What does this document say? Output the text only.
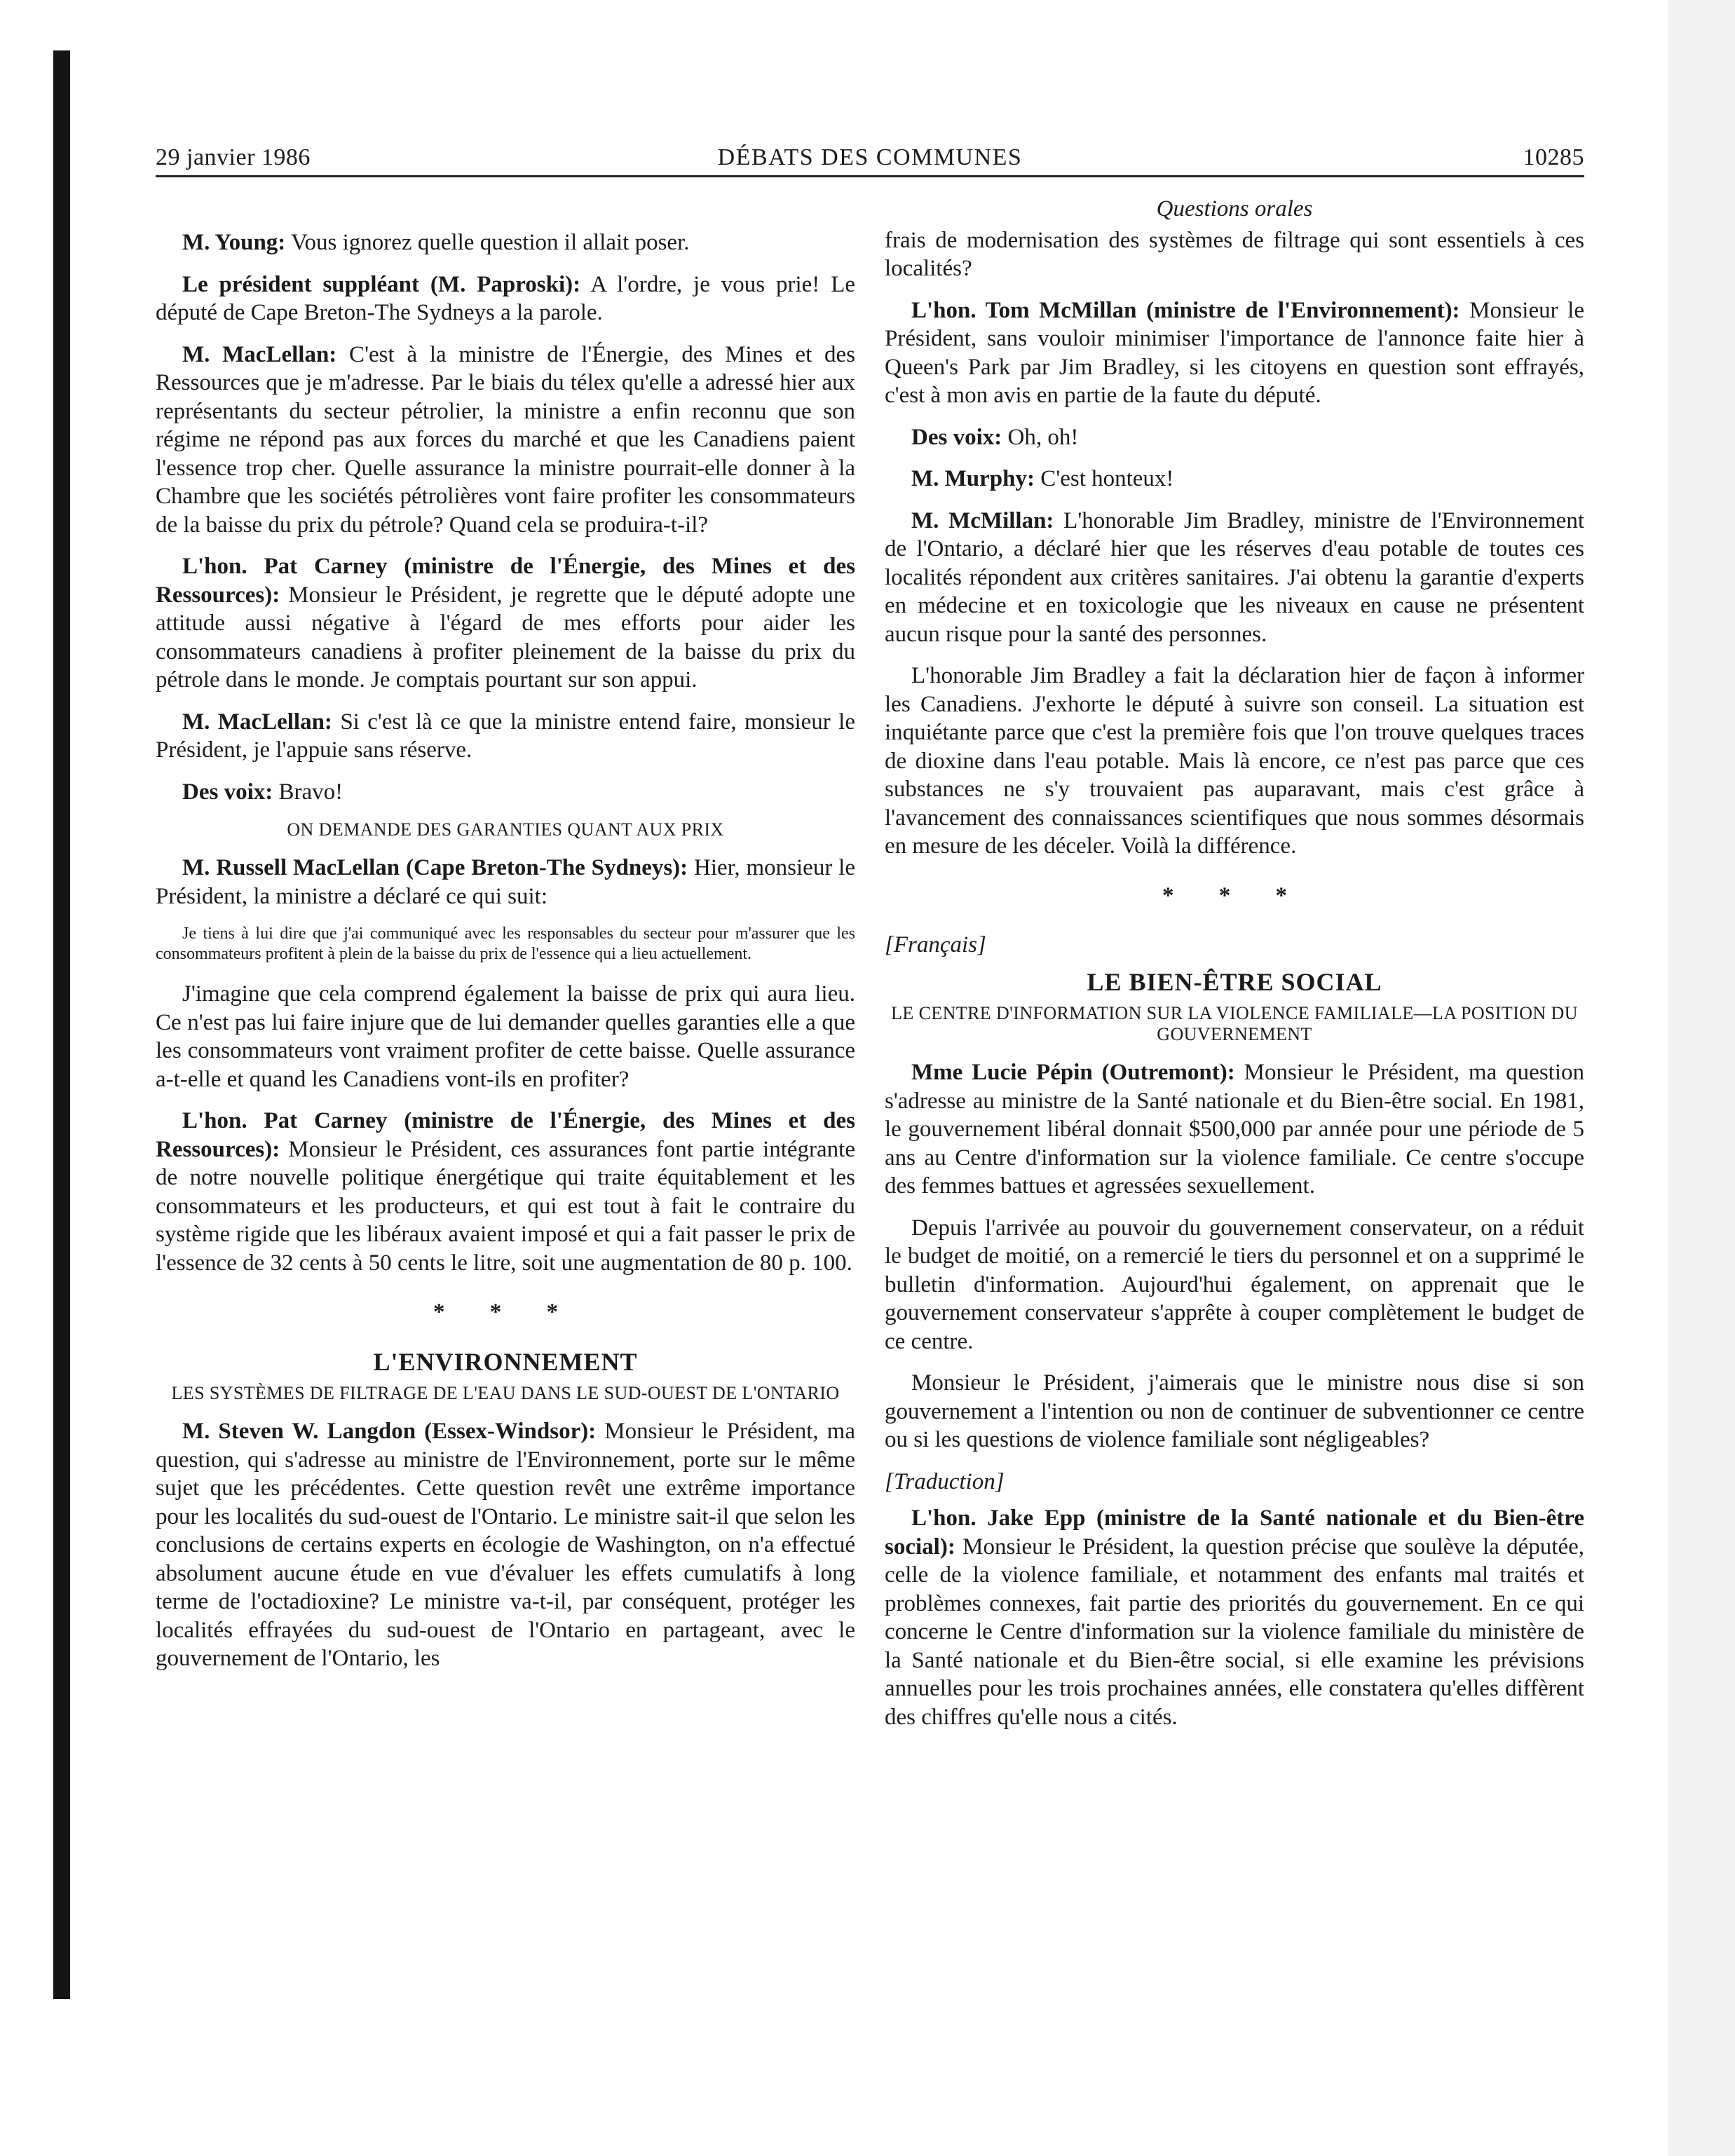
29 janvier 1986	DÉBATS DES COMMUNES	10285

M. Young: Vous ignorez quelle question il allait poser.

Le président suppléant (M. Paproski): A l'ordre, je vous prie! Le député de Cape Breton-The Sydneys a la parole.

M. MacLellan: C'est à la ministre de l'Énergie, des Mines et des Ressources que je m'adresse. Par le biais du télex qu'elle a adressé hier aux représentants du secteur pétrolier, la ministre a enfin reconnu que son régime ne répond pas aux forces du marché et que les Canadiens paient l'essence trop cher. Quelle assurance la ministre pourrait-elle donner à la Chambre que les sociétés pétrolières vont faire profiter les consommateurs de la baisse du prix du pétrole? Quand cela se produira-t-il?

L'hon. Pat Carney (ministre de l'Énergie, des Mines et des Ressources): Monsieur le Président, je regrette que le député adopte une attitude aussi négative à l'égard de mes efforts pour aider les consommateurs canadiens à profiter pleinement de la baisse du prix du pétrole dans le monde. Je comptais pourtant sur son appui.

M. MacLellan: Si c'est là ce que la ministre entend faire, monsieur le Président, je l'appuie sans réserve.

Des voix: Bravo!

ON DEMANDE DES GARANTIES QUANT AUX PRIX

M. Russell MacLellan (Cape Breton-The Sydneys): Hier, monsieur le Président, la ministre a déclaré ce qui suit:

Je tiens à lui dire que j'ai communiqué avec les responsables du secteur pour m'assurer que les consommateurs profitent à plein de la baisse du prix de l'essence qui a lieu actuellement.

J'imagine que cela comprend également la baisse de prix qui aura lieu. Ce n'est pas lui faire injure que de lui demander quelles garanties elle a que les consommateurs vont vraiment profiter de cette baisse. Quelle assurance a-t-elle et quand les Canadiens vont-ils en profiter?

L'hon. Pat Carney (ministre de l'Énergie, des Mines et des Ressources): Monsieur le Président, ces assurances font partie intégrante de notre nouvelle politique énergétique qui traite équitablement et les consommateurs et les producteurs, et qui est tout à fait le contraire du système rigide que les libéraux avaient imposé et qui a fait passer le prix de l'essence de 32 cents à 50 cents le litre, soit une augmentation de 80 p. 100.

* * *
L'ENVIRONNEMENT
LES SYSTÈMES DE FILTRAGE DE L'EAU DANS LE SUD-OUEST DE L'ONTARIO

M. Steven W. Langdon (Essex-Windsor): Monsieur le Président, ma question, qui s'adresse au ministre de l'Environnement, porte sur le même sujet que les précédentes. Cette question revêt une extrême importance pour les localités du sud-ouest de l'Ontario. Le ministre sait-il que selon les conclusions de certains experts en écologie de Washington, on n'a effectué absolument aucune étude en vue d'évaluer les effets cumulatifs à long terme de l'octadioxine? Le ministre va-t-il, par conséquent, protéger les localités effrayées du sud-ouest de l'Ontario en partageant, avec le gouvernement de l'Ontario, les

Questions orales

frais de modernisation des systèmes de filtrage qui sont essentiels à ces localités?

L'hon. Tom McMillan (ministre de l'Environnement): Monsieur le Président, sans vouloir minimiser l'importance de l'annonce faite hier à Queen's Park par Jim Bradley, si les citoyens en question sont effrayés, c'est à mon avis en partie de la faute du député.

Des voix: Oh, oh!

M. Murphy: C'est honteux!

M. McMillan: L'honorable Jim Bradley, ministre de l'Environnement de l'Ontario, a déclaré hier que les réserves d'eau potable de toutes ces localités répondent aux critères sanitaires. J'ai obtenu la garantie d'experts en médecine et en toxicologie que les niveaux en cause ne présentent aucun risque pour la santé des personnes.

L'honorable Jim Bradley a fait la déclaration hier de façon à informer les Canadiens. J'exhorte le député à suivre son conseil. La situation est inquiétante parce que c'est la première fois que l'on trouve quelques traces de dioxine dans l'eau potable. Mais là encore, ce n'est pas parce que ces substances ne s'y trouvaient pas auparavant, mais c'est grâce à l'avancement des connaissances scientifiques que nous sommes désormais en mesure de les déceler. Voilà la différence.

* * *
[Français]
LE BIEN-ÊTRE SOCIAL
LE CENTRE D'INFORMATION SUR LA VIOLENCE FAMILIALE—LA POSITION DU GOUVERNEMENT

Mme Lucie Pépin (Outremont): Monsieur le Président, ma question s'adresse au ministre de la Santé nationale et du Bien-être social. En 1981, le gouvernement libéral donnait $500,000 par année pour une période de 5 ans au Centre d'information sur la violence familiale. Ce centre s'occupe des femmes battues et agressées sexuellement.

Depuis l'arrivée au pouvoir du gouvernement conservateur, on a réduit le budget de moitié, on a remercié le tiers du personnel et on a supprimé le bulletin d'information. Aujourd'hui également, on apprenait que le gouvernement conservateur s'apprête à couper complètement le budget de ce centre.

Monsieur le Président, j'aimerais que le ministre nous dise si son gouvernement a l'intention ou non de continuer de subventionner ce centre ou si les questions de violence familiale sont négligeables?

[Traduction]

L'hon. Jake Epp (ministre de la Santé nationale et du Bien-être social): Monsieur le Président, la question précise que soulève la députée, celle de la violence familiale, et notamment des enfants mal traités et problèmes connexes, fait partie des priorités du gouvernement. En ce qui concerne le Centre d'information sur la violence familiale du ministère de la Santé nationale et du Bien-être social, si elle examine les prévisions annuelles pour les trois prochaines années, elle constatera qu'elles diffèrent des chiffres qu'elle nous a cités.
